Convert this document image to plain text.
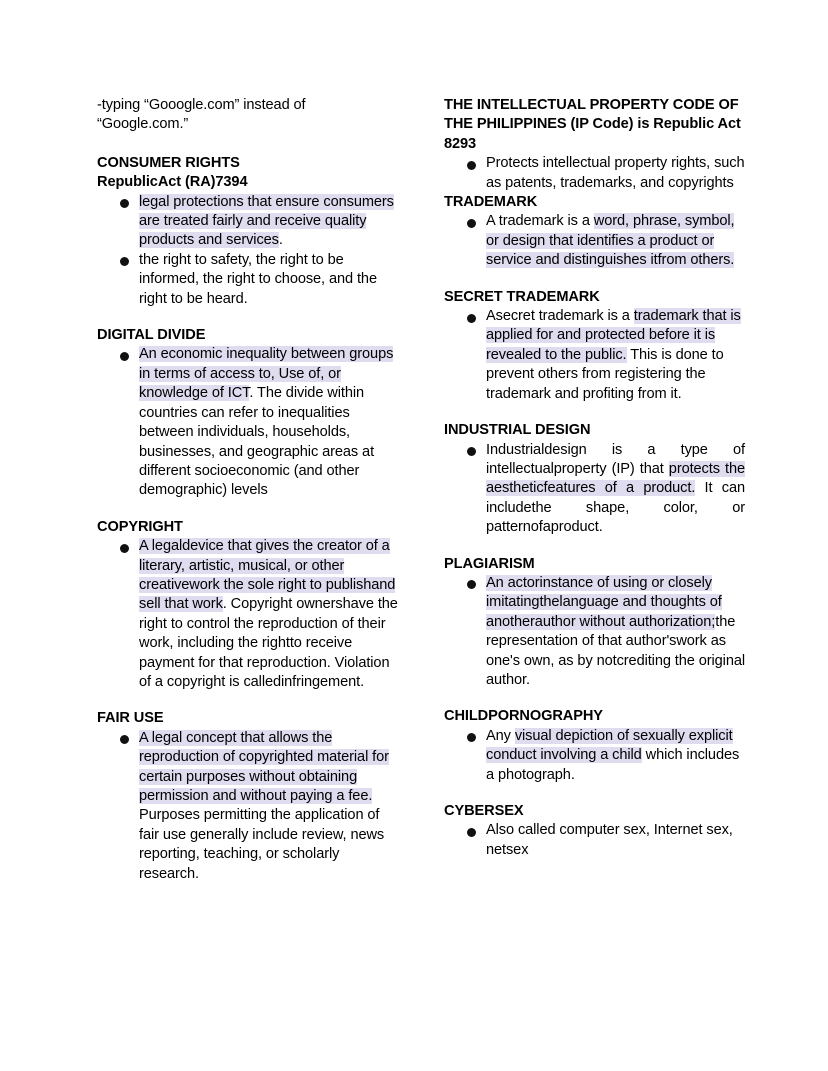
-typing “Gooogle.com” instead of “Google.com.”
CONSUMER RIGHTS
RepublicAct (RA)7394
legal protections that ensure consumers are treated fairly and receive quality products and services.
the right to safety, the right to be informed, the right to choose, and the right to be heard.
DIGITAL DIVIDE
An economic inequality between groups in terms of access to, Use of, or knowledge of ICT. The divide within countries can refer to inequalities between individuals, households, businesses, and geographic areas at different socioeconomic (and other demographic) levels
COPYRIGHT
A legaldevice that gives the creator of a literary, artistic, musical, or other creativework the sole right to publishand sell that work. Copyright ownershave the right to control the reproduction of their work, including the rightto receive payment for that reproduction. Violation of a copyright is calledinfringement.
FAIR USE
A legal concept that allows the reproduction of copyrighted material for certain purposes without obtaining permission and without paying a fee. Purposes permitting the application of fair use generally include review, news reporting, teaching, or scholarly research.
THE INTELLECTUAL PROPERTY CODE OF THE PHILIPPINES (IP Code) is Republic Act 8293
Protects intellectual property rights, such as patents, trademarks, and copyrights
TRADEMARK
A trademark is a word, phrase, symbol, or design that identifies a product or service and distinguishes itfrom others.
SECRET TRADEMARK
Asecret trademark is a trademark that is applied for and protected before it is revealed to the public. This is done to prevent others from registering the trademark and profiting from it.
INDUSTRIAL DESIGN
Industrialdesign is a type of intellectualproperty (IP) that protects the aestheticfeatures of a product. It can includethe shape, color, or patternofaproduct.
PLAGIARISM
An actorinstance of using or closely imitatingthelanguage and thoughts of anotherauthor without authorization;the representation of that author'swork as one's own, as by notcrediting the original author.
CHILDPORNOGRAPHY
Any visual depiction of sexually explicit conduct involving a child which includes a photograph.
CYBERSEX
Also called computer sex, Internet sex, netsex
